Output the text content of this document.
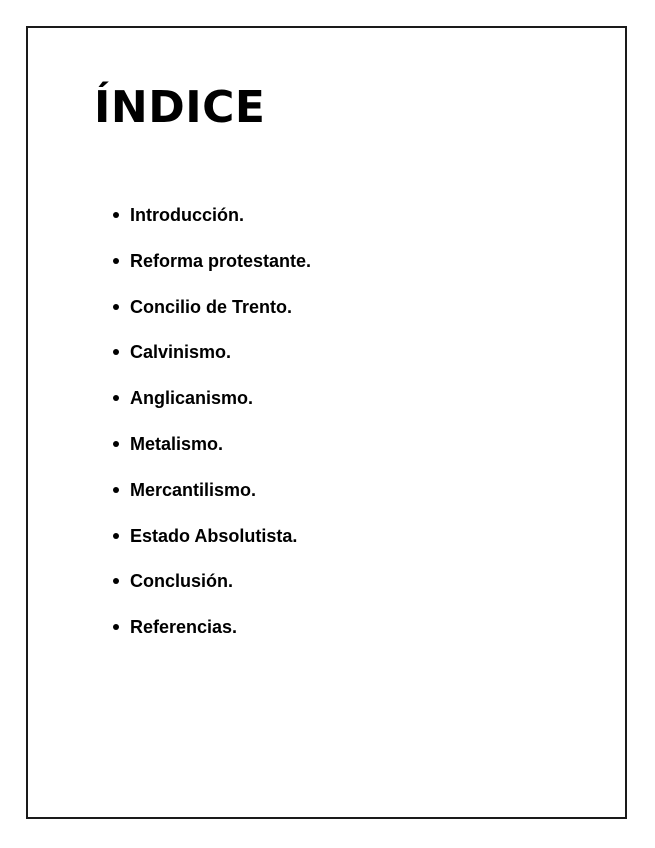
ÍNDICE
Introducción.
Reforma protestante.
Concilio de Trento.
Calvinismo.
Anglicanismo.
Metalismo.
Mercantilismo.
Estado Absolutista.
Conclusión.
Referencias.
